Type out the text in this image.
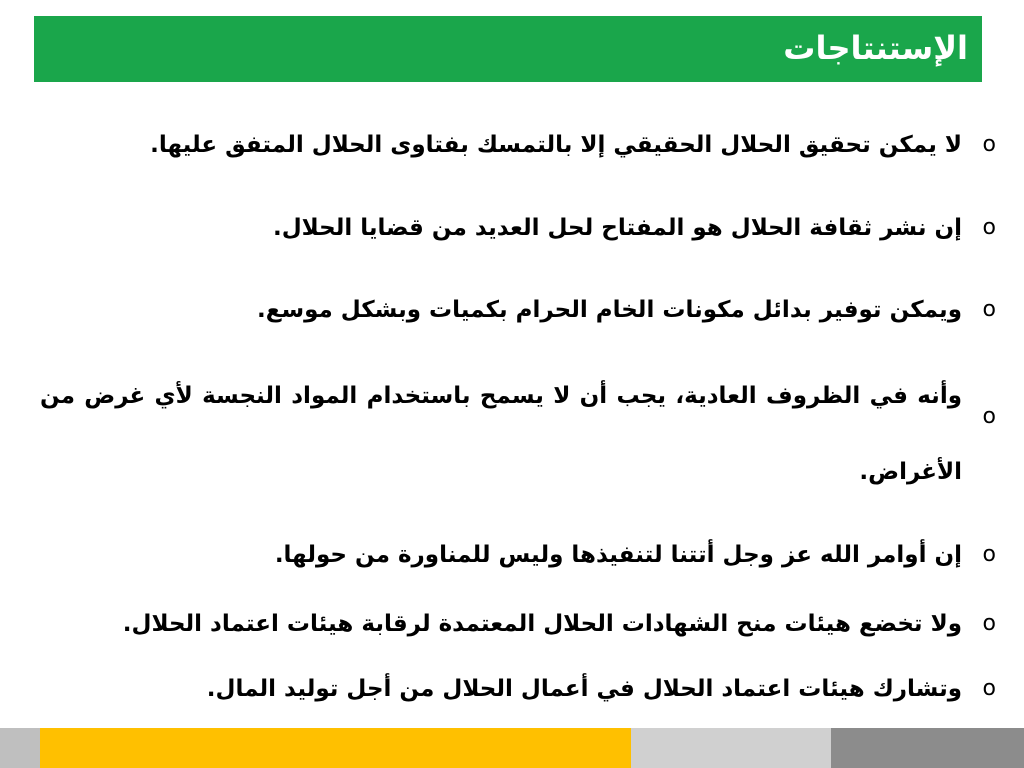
الإستنتاجات
o
لا يمكن تحقيق الحلال الحقيقي إلا بالتمسك بفتاوى الحلال المتفق عليها.
o
إن نشر ثقافة الحلال هو المفتاح لحل العديد من قضايا الحلال.
o
ويمكن توفير بدائل مكونات الخام الحرام بكميات وبشكل موسع.
o
وأنه في الظروف العادية، يجب أن لا يسمح باستخدام المواد النجسة لأي غرض من الأغراض.
o
إن أوامر الله عز وجل أتتنا لتنفيذها وليس للمناورة من حولها.
o
ولا تخضع هيئات منح الشهادات الحلال المعتمدة لرقابة هيئات اعتماد الحلال.
o
وتشارك هيئات اعتماد الحلال في أعمال الحلال من أجل توليد المال.
